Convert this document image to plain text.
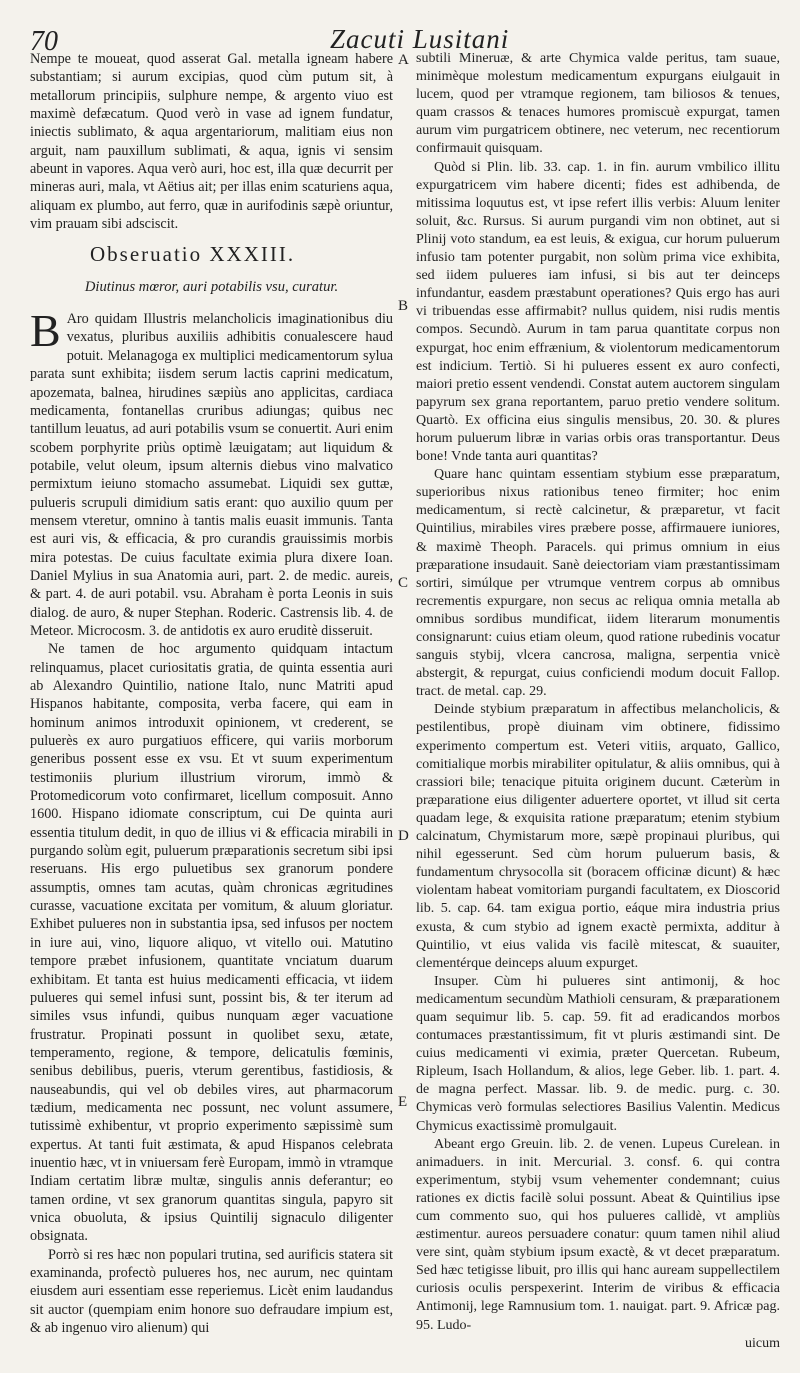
70	Zacuti Lusitani

Nempe te moueat, quod asserat Gal. metalla igneam habere substantiam; si aurum excipias, quod cùm putum sit, à metallorum principiis, sulphure nempe, & argento viuo est maximè defæcatum. Quod verò in vase ad ignem fundatur, iniectis sublimato, & aqua argentariorum, malitiam eius non arguit, nam pauxillum sublimati, & aqua, ignis vi sensim abeunt in vapores. Aqua verò auri, hoc est, illa quæ decurrit per mineras auri, mala, vt Aëtius ait; per illas enim scaturiens aqua, aliquam ex plumbo, aut ferro, quæ in aurifodinis sæpè oriuntur, vim prauam sibi adsciscit.

Obseruatio XXXIII.
Diutinus mœror, auri potabilis vsu, curatur.

B Aro quidam Illustris melancholicis imaginationibus diu vexatus, pluribus auxiliis adhibitis conualescere haud potuit. Melanagoga ex multiplici medicamentorum sylua parata sunt exhibita; iisdem serum lactis caprini medicatum, apozemata, balnea, hirudines sæpiùs ano applicitas, cardiaca medicamenta, fontanellas cruribus adiungas; quibus nec tantillum leuatus, ad auri potabilis vsum se conuertit. Auri enim scobem porphyrite priùs optimè læuigatam; aut liquidum & potabile, velut oleum, ipsum alternis diebus vino malvatico permixtum ieiuno stomacho assumebat. Liquidi sex guttæ, pulueris scrupuli dimidium satis erant: quo auxilio quum per mensem vteretur, omnino à tantis malis euasit immunis. Tanta est auri vis, & efficacia, & pro curandis grauissimis morbis mira potestas. De cuius facultate eximia plura dixere Ioan. Daniel Mylius in sua Anatomia auri, part. 2. de medic. aureis, & part. 4. de auri potabil. vsu. Abraham è porta Leonis in suis dialog. de auro, & nuper Stephan. Roderic. Castrensis lib. 4. de Meteor. Microcosm. 3. de antidotis ex auro eruditè disseruit.

Ne tamen de hoc argumento quidquam intactum relinquamus, placet curiositatis gratia, de quinta essentia auri ab Alexandro Quintilio, natione Italo, nunc Matriti apud Hispanos habitante, composita, verba facere, qui eam in hominum animos introduxit opinionem, vt crederent, se puluerès ex auro purgatiuos efficere, qui variis morborum generibus possent esse ex vsu. Et vt suum experimentum testimoniis plurium illustrium virorum, immò & Protomedicorum voto confirmaret, licellum composuit. Anno 1600. Hispano idiomate conscriptum, cui De quinta auri essentia titulum dedit, in quo de illius vi & efficacia mirabili in purgando solùm egit, puluerum præparationis secretum sibi ipsi reseruans. His ergo puluetibus sex granorum pondere assumptis, omnes tam acutas, quàm chronicas ægritudines curasse, vacuatione excitata per vomitum, & aluum gloriatur. Exhibet pulueres non in substantia ipsa, sed infusos per noctem in iure aui, vino, liquore aliquo, vt vitello oui. Matutino tempore præbet infusionem, quantitate vnciatum duarum exhibitam. Et tanta est huius medicamenti efficacia, vt iidem pulueres qui semel infusi sunt, possint bis, & ter iterum ad similes vsus infundi, quibus nunquam æger vacuatione frustratur. Propinati possunt in quolibet sexu, ætate, temperamento, regione, & tempore, delicatulis fœminis, senibus debilibus, pueris, vterum gerentibus, fastidiosis, & nauseabundis, qui vel ob debiles vires, aut pharmacorum tædium, medicamenta nec possunt, nec volunt assumere, tutissimè exhibentur, vt proprio experimento sæpissimè sum expertus. At tanti fuit æstimata, & apud Hispanos celebrata inuentio hæc, vt in vniuersam ferè Europam, immò in vtramque Indiam certatim libræ multæ, singulis annis deferantur; eo tamen ordine, vt sex granorum quantitas singula, papyro sit vnica obuoluta, & ipsius Quintilij signaculo diligenter obsignata.

Porrò si res hæc non populari trutina, sed aurificis statera sit examinanda, profectò pulueres hos, nec aurum, nec quintam eiusdem auri essentiam esse reperiemus. Licèt enim laudandus sit auctor (quempiam enim honore suo defraudare impium est, & ab ingenuo viro alienum) qui

A
B
C
D
E

subtili Mineruæ, & arte Chymica valde peritus, tam suaue, minimèque molestum medicamentum expurgans eiulgauit in lucem, quod per vtramque regionem, tam biliosos & tenues, quam crassos & tenaces humores promiscuè expurgat, tamen aurum vim purgatricem obtinere, nec veterum, nec recentiorum confirmauit quisquam.

Quòd si Plin. lib. 33. cap. 1. in fin. aurum vmbilico illitu expurgatricem vim habere dicenti; fides est adhibenda, de mitissima loquutus est, vt ipse refert illis verbis: Aluum leniter soluit, &c. Rursus. Si aurum purgandi vim non obtinet, aut si Plinij voto standum, ea est leuis, & exigua, cur horum puluerum infusio tam potenter purgabit, non solùm prima vice exhibita, sed iidem pulueres iam infusi, si bis aut ter deinceps infundantur, easdem præstabunt operationes? Quis ergo has auri vi tribuendas esse affirmabit? nullus quidem, nisi rudis mentis compos. Secundò. Aurum in tam parua quantitate corpus non expurgat, hoc enim effrænium, & violentorum medicamentorum est indicium. Tertiò. Si hi pulueres essent ex auro confecti, maiori pretio essent vendendi. Constat autem auctorem singulam papyrum sex grana reportantem, paruo pretio vendere solitum. Quartò. Ex officina eius singulis mensibus, 20. 30. & plures horum puluerum libræ in varias orbis oras transportantur. Deus bone! Vnde tanta auri quantitas?

Quare hanc quintam essentiam stybium esse præparatum, superioribus nixus rationibus teneo firmiter; hoc enim medicamentum, si rectè calcinetur, & præparetur, vt facit Quintilius, mirabiles vires præbere posse, affirmauere iuniores, & maximè Theoph. Paracels. qui primus omnium in eius præparatione insudauit. Sanè deiectoriam viam præstantissimam sortiri, simúlque per vtrumque ventrem corpus ab omnibus recrementis expurgare, non secus ac reliqua omnia metalla ab omnibus sordibus mundificat, iidem literarum monumentis consignarunt: cuius etiam oleum, quod ratione rubedinis vocatur sanguis stybij, vlcera cancrosa, maligna, serpentia vnicè abstergit, & repurgat, cuius conficiendi modum docuit Fallop. tract. de metal. cap. 29.

Deinde stybium præparatum in affectibus melancholicis, & pestilentibus, propè diuinam vim obtinere, fidissimo experimento compertum est. Veteri vitiis, arquato, Gallico, comitialique morbis mirabiliter opitulatur, & aliis omnibus, qui à crassiori bile; tenacique pituita originem ducunt. Cæterùm in præparatione eius diligenter aduertere oportet, vt illud sit certa quadam lege, & exquisita ratione præparatum; etenim stybium calcinatum, Chymistarum more, sæpè propinaui pluribus, qui nihil egesserunt. Sed cùm horum puluerum basis, & fundamentum chrysocolla sit (boracem officinæ dicunt) & hæc violentam habeat vomitoriam purgandi facultatem, ex Dioscorid lib. 5. cap. 64. tam exigua portio, eáque mira industria prius exusta, & cum stybio ad ignem exactè permixta, additur à Quintilio, vt eius valida vis facilè mitescat, & suauiter, clementérque deinceps aluum expurget.

Insuper. Cùm hi pulueres sint antimonij, & hoc medicamentum secundùm Mathioli censuram, & præparationem quam sequimur lib. 5. cap. 59. fit ad eradicandos morbos contumaces præstantissimum, fit vt pluris æstimandi sint. De cuius medicamenti vi eximia, præter Quercetan. Rubeum, Ripleum, Isach Hollandum, & alios, lege Geber. lib. 1. part. 4. de magna perfect. Massar. lib. 9. de medic. purg. c. 30. Chymicas verò formulas selectiores Basilius Valentin. Medicus Chymicus exactissimè promulgauit.

Abeant ergo Greuin. lib. 2. de venen. Lupeus Curelean. in animaduers. in init. Mercurial. 3. consf. 6. qui contra experimentum, stybij vsum vehementer condemnant; cuius rationes ex dictis facilè solui possunt. Abeat & Quintilius ipse cum commento suo, qui hos pulueres callidè, vt ampliùs æstimentur. aureos persuadere conatur: quum tamen nihil aliud vere sint, quàm stybium ipsum exactè, & vt decet præparatum. Sed hæc tetigisse libuit, pro illis qui hanc auream suppellectilem curiosis oculis perspexerint. Interim de viribus & efficacia Antimonij, lege Ramnusium tom. 1. nauigat. part. 9. Africæ pag. 95. Ludo-

uicum
